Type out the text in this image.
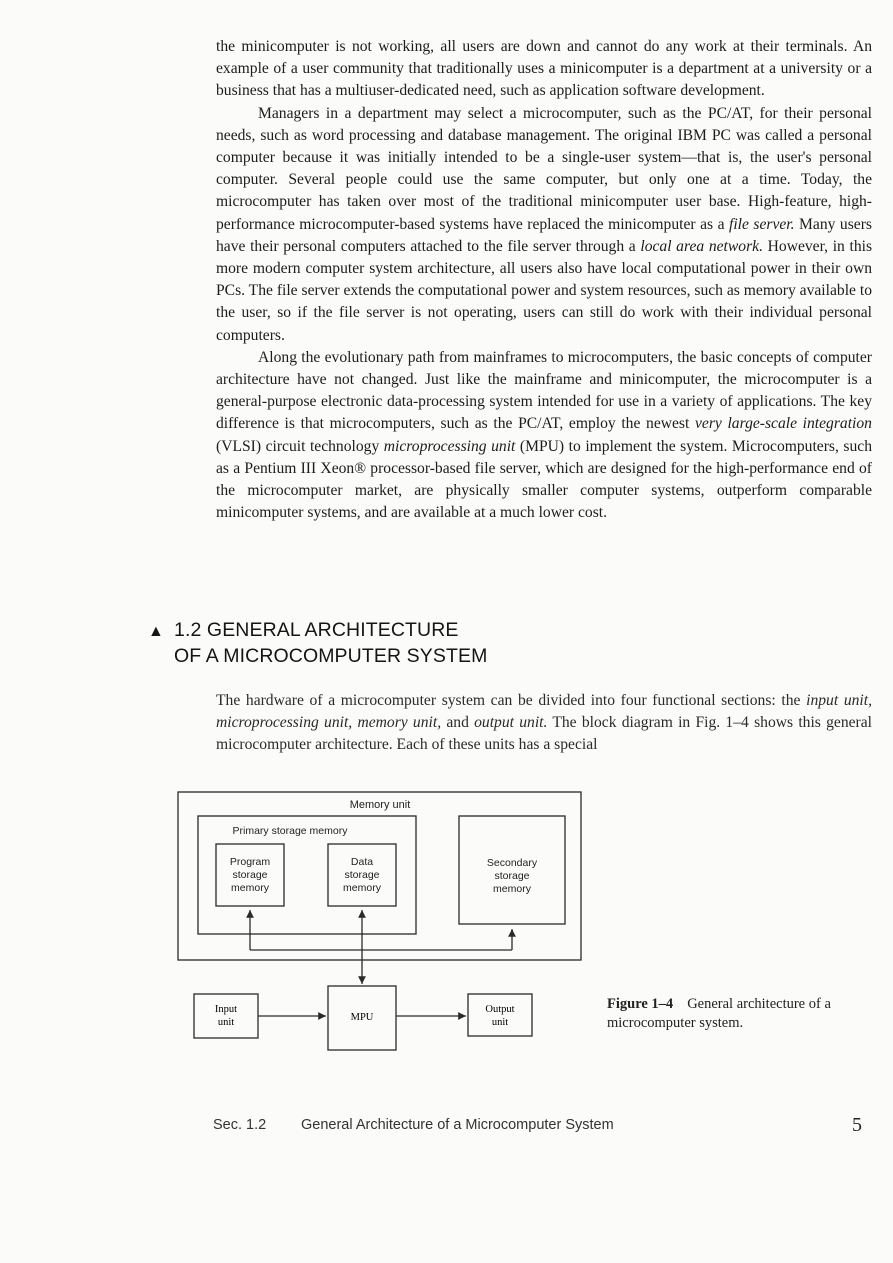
the minicomputer is not working, all users are down and cannot do any work at their terminals. An example of a user community that traditionally uses a minicomputer is a department at a university or a business that has a multiuser-dedicated need, such as application software development.

Managers in a department may select a microcomputer, such as the PC/AT, for their personal needs, such as word processing and database management. The original IBM PC was called a personal computer because it was initially intended to be a single-user system—that is, the user's personal computer. Several people could use the same computer, but only one at a time. Today, the microcomputer has taken over most of the traditional minicomputer user base. High-feature, high-performance microcomputer-based systems have replaced the minicomputer as a file server. Many users have their personal computers attached to the file server through a local area network. However, in this more modern computer system architecture, all users also have local computational power in their own PCs. The file server extends the computational power and system resources, such as memory available to the user, so if the file server is not operating, users can still do work with their individual personal computers.

Along the evolutionary path from mainframes to microcomputers, the basic concepts of computer architecture have not changed. Just like the mainframe and minicomputer, the microcomputer is a general-purpose electronic data-processing system intended for use in a variety of applications. The key difference is that microcomputers, such as the PC/AT, employ the newest very large-scale integration (VLSI) circuit technology microprocessing unit (MPU) to implement the system. Microcomputers, such as a Pentium III Xeon® processor-based file server, which are designed for the high-performance end of the microcomputer market, are physically smaller computer systems, outperform comparable minicomputer systems, and are available at a much lower cost.

▲ 1.2 GENERAL ARCHITECTURE
OF A MICROCOMPUTER SYSTEM

The hardware of a microcomputer system can be divided into four functional sections: the input unit, microprocessing unit, memory unit, and output unit. The block diagram in Fig. 1–4 shows this general microcomputer architecture. Each of these units has a special

Memory unit
Primary storage memory
Program
storage
memory
Data
storage
memory
Secondary
storage
memory
Input
unit	MPU
Output
unit
Figure 1–4 General architecture of a microcomputer system.
Sec. 1.2 General Architecture of a Microcomputer System	5
